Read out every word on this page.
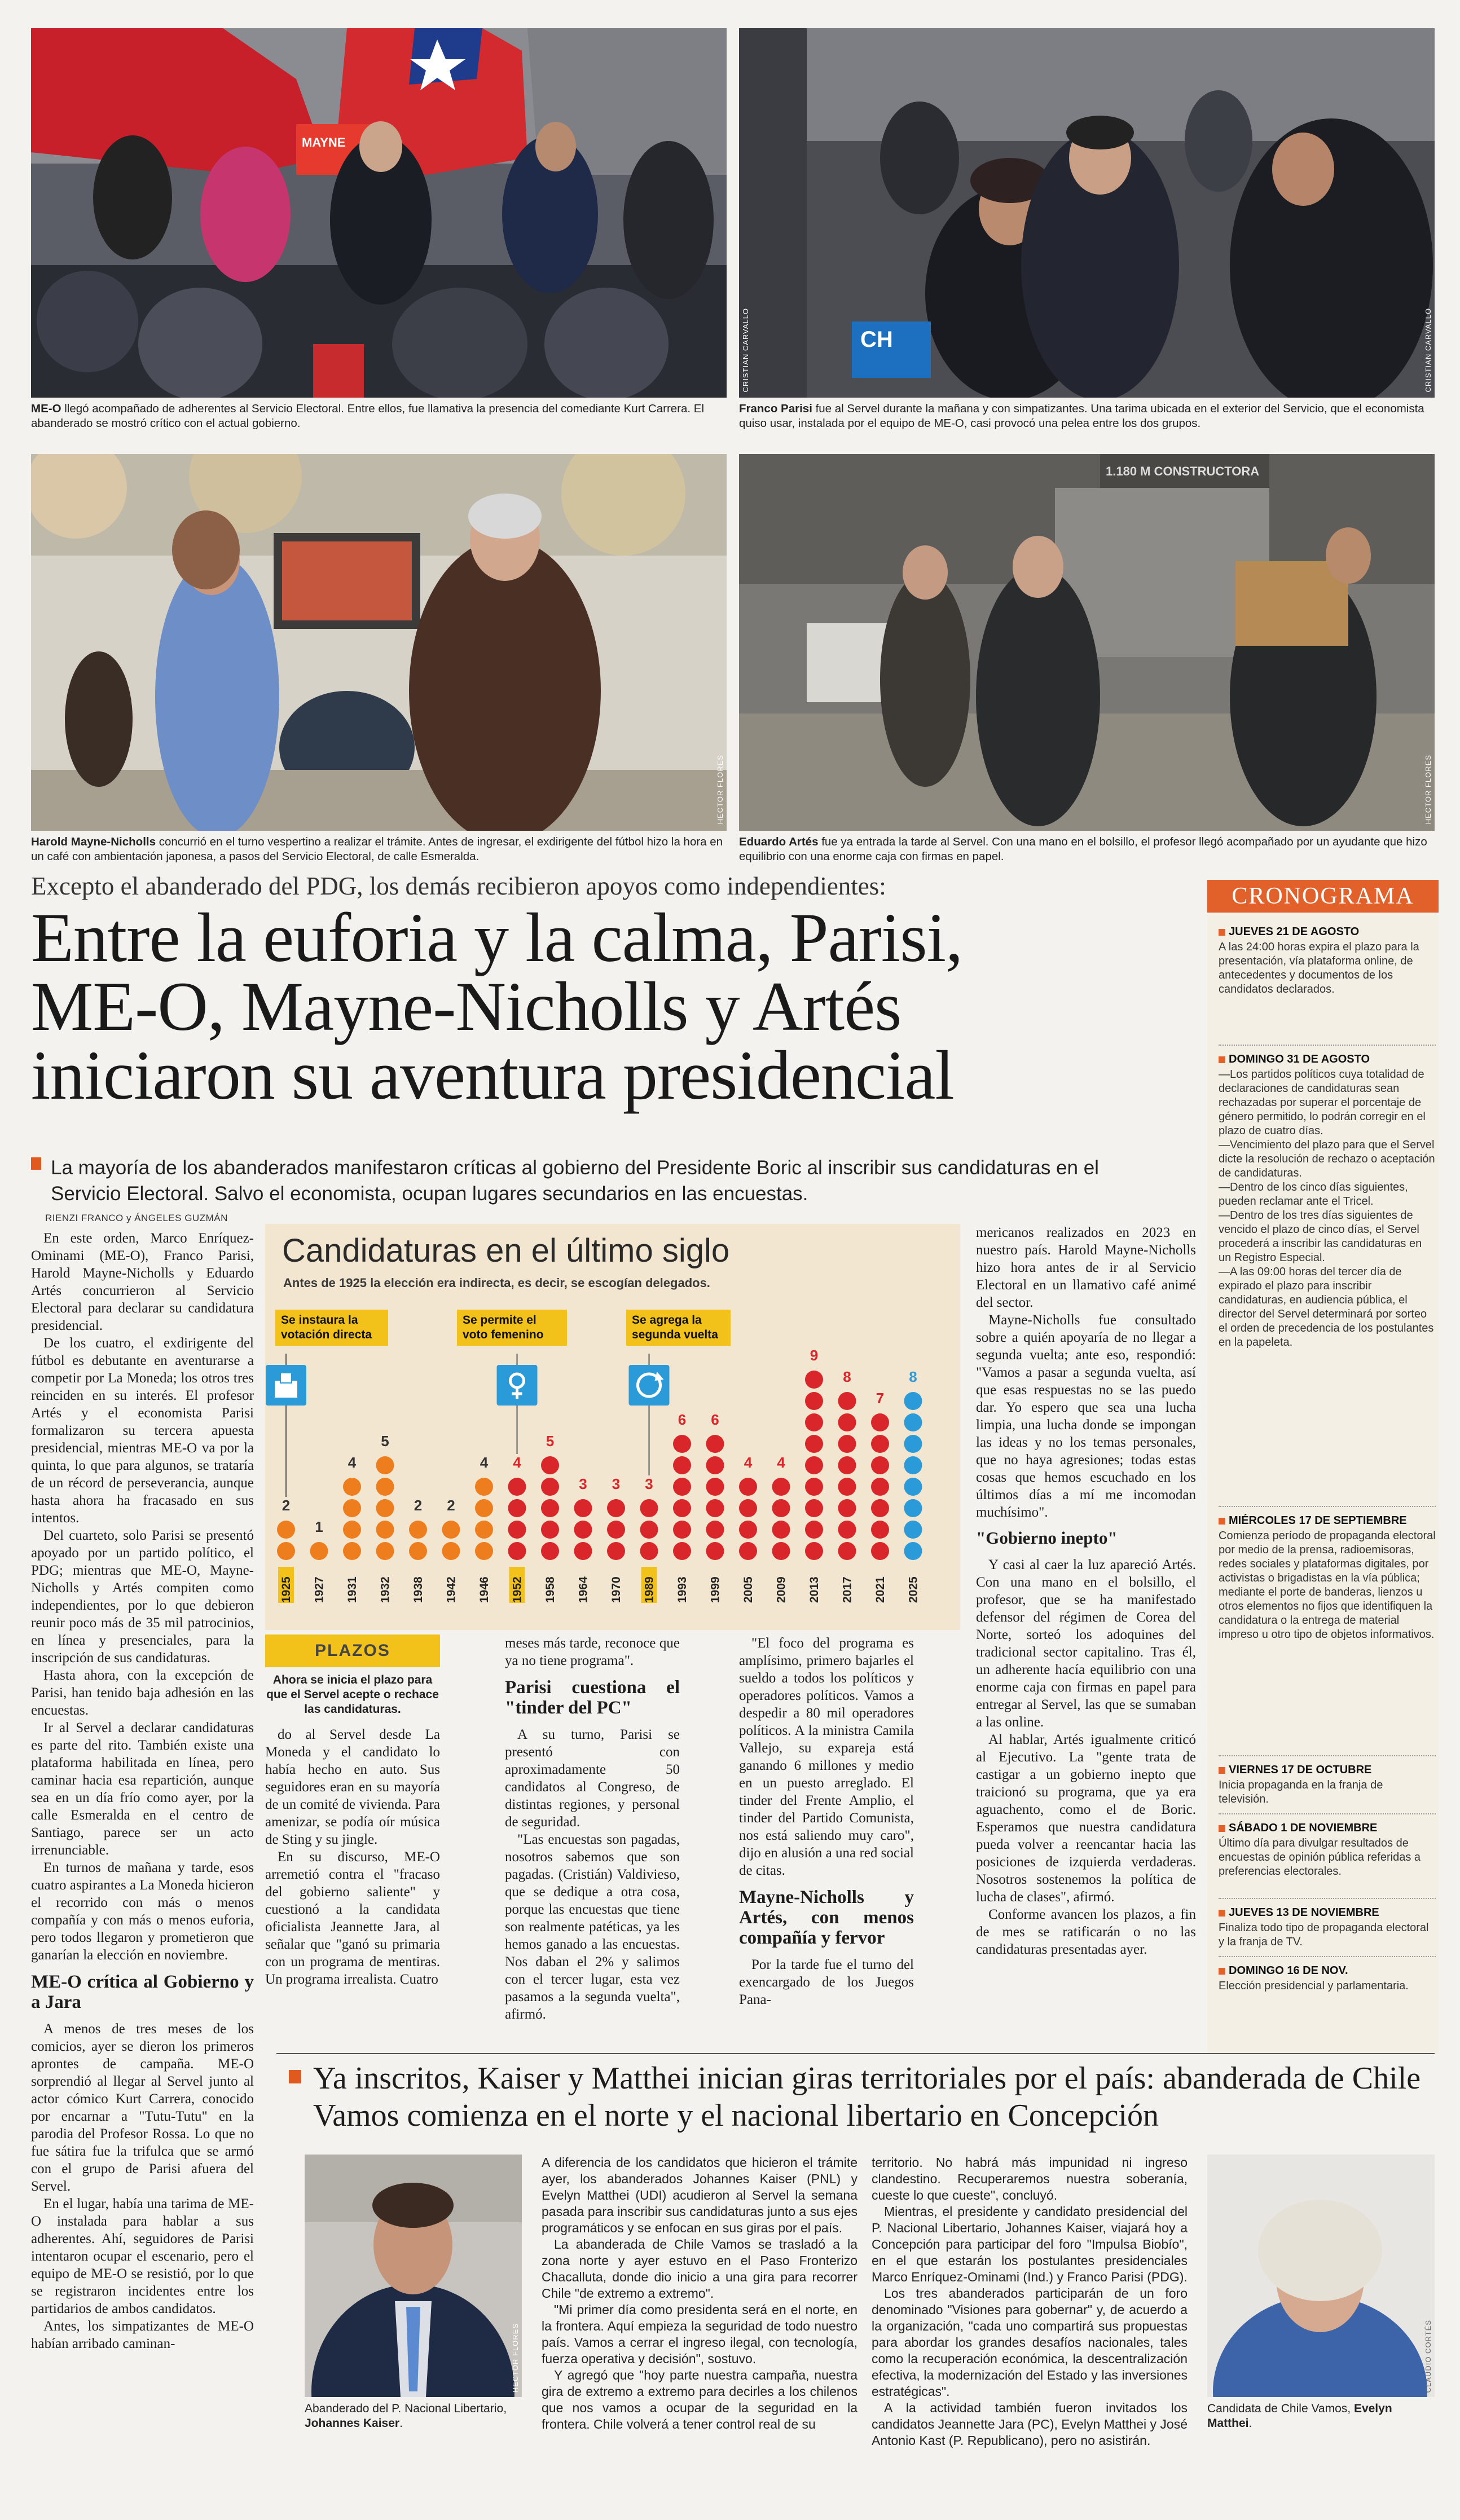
MAYNE
ME-O llegó acompañado de adherentes al Servicio Electoral. Entre ellos, fue llamativa la presencia del comediante Kurt Carrera. El abanderado se mostró crítico con el actual gobierno.
CH
CRISTIAN CARVALLO	CRISTIAN CARVALLO
Franco Parisi fue al Servel durante la mañana y con simpatizantes. Una tarima ubicada en el exterior del Servicio, que el economista quiso usar, instalada por el equipo de ME-O, casi provocó una pelea entre los dos grupos.
HECTOR FLORES
Harold Mayne-Nicholls concurrió en el turno vespertino a realizar el trámite. Antes de ingresar, el exdirigente del fútbol hizo la hora en un café con ambientación japonesa, a pasos del Servicio Electoral, de calle Esmeralda.
1.180 M CONSTRUCTORA
HECTOR FLORES
Eduardo Artés fue ya entrada la tarde al Servel. Con una mano en el bolsillo, el profesor llegó acompañado por un ayudante que hizo equilibrio con una enorme caja con firmas en papel.
Excepto el abanderado del PDG, los demás recibieron apoyos como independientes:
Entre la euforia y la calma, Parisi,
ME-O, Mayne-Nicholls y Artés
iniciaron su aventura presidencial
La mayoría de los abanderados manifestaron críticas al gobierno del Presidente Boric al inscribir sus candidaturas en el Servicio Electoral. Salvo el economista, ocupan lugares secundarios en las encuestas.
RIENZI FRANCO y ÁNGELES GUZMÁN

En este orden, Marco Enríquez-Ominami (ME-O), Franco Parisi, Harold Mayne-Nicholls y Eduardo Artés concurrieron al Servicio Electoral para declarar su candidatura presidencial.

De los cuatro, el exdirigente del fútbol es debutante en aventurarse a competir por La Moneda; los otros tres reinciden en su interés. El profesor Artés y el economista Parisi formalizaron su tercera apuesta presidencial, mientras ME-O va por la quinta, lo que para algunos, se trataría de un récord de perseverancia, aunque hasta ahora ha fracasado en sus intentos.

Del cuarteto, solo Parisi se presentó apoyado por un partido político, el PDG; mientras que ME-O, Mayne-Nicholls y Artés compiten como independientes, por lo que debieron reunir poco más de 35 mil patrocinios, en línea y presenciales, para la inscripción de sus candidaturas.

Hasta ahora, con la excepción de Parisi, han tenido baja adhesión en las encuestas.

Ir al Servel a declarar candidaturas es parte del rito. También existe una plataforma habilitada en línea, pero caminar hacia esa repartición, aunque sea en un día frío como ayer, por la calle Esmeralda en el centro de Santiago, parece ser un acto irrenunciable.

En turnos de mañana y tarde, esos cuatro aspirantes a La Moneda hicieron el recorrido con más o menos compañía y con más o menos euforia, pero todos llegaron y prometieron que ganarían la elección en noviembre.

ME-O crítica al Gobierno y a Jara

A menos de tres meses de los comicios, ayer se dieron los primeros aprontes de campaña. ME-O sorprendió al llegar al Servel junto al actor cómico Kurt Carrera, conocido por encarnar a "Tutu-Tutu" en la parodia del Profesor Rossa. Lo que no fue sátira fue la trifulca que se armó con el grupo de Parisi afuera del Servel.

En el lugar, había una tarima de ME-O instalada para hablar a sus adherentes. Ahí, seguidores de Parisi intentaron ocupar el escenario, pero el equipo de ME-O se resistió, por lo que se registraron incidentes entre los partidarios de ambos candidatos.

Antes, los simpatizantes de ME-O habían arribado caminan-

Candidaturas en el último siglo
Antes de 1925 la elección era indirecta, es decir, se escogían delegados.
Se instaura la votación directa
Se permite el voto femenino
Se agrega la segunda vuelta
2
1925
1
1927
4
1931
5
1932
2
1938
2
1942
4
1946
4
1952
5
1958
3
1964
3
1970
3
1989
6
1993
6
1999
4
2005
4
2009
9
2013
8
2017
7
2021
8
2025
PLAZOS
Ahora se inicia el plazo para que el Servel acepte o rechace las candidaturas.

do al Servel desde La Moneda y el candidato lo había hecho en auto. Sus seguidores eran en su mayoría de un comité de vivienda. Para amenizar, se podía oír música de Sting y su jingle.

En su discurso, ME-O arremetió contra el "fracaso del gobierno saliente" y cuestionó a la candidata oficialista Jeannette Jara, al señalar que "ganó su primaria con un programa de mentiras. Un programa irrealista. Cuatro

meses más tarde, reconoce que ya no tiene programa".

Parisi cuestiona el "tinder del PC"

A su turno, Parisi se presentó con aproximadamente 50 candidatos al Congreso, de distintas regiones, y personal de seguridad.

"Las encuestas son pagadas, nosotros sabemos que son pagadas. (Cristián) Valdivieso, que se dedique a otra cosa, porque las encuestas que tiene son realmente patéticas, ya les hemos ganado a las encuestas. Nos daban el 2% y salimos con el tercer lugar, esta vez pasamos a la segunda vuelta", afirmó.

"El foco del programa es amplísimo, primero bajarles el sueldo a todos los políticos y operadores políticos. Vamos a despedir a 80 mil operadores políticos. A la ministra Camila Vallejo, su expareja está ganando 6 millones y medio en un puesto arreglado. El tinder del Frente Amplio, el tinder del Partido Comunista, nos está saliendo muy caro", dijo en alusión a una red social de citas.

Mayne-Nicholls y Artés, con menos compañía y fervor

Por la tarde fue el turno del exencargado de los Juegos Pana-

mericanos realizados en 2023 en nuestro país. Harold Mayne-Nicholls hizo hora antes de ir al Servicio Electoral en un llamativo café animé del sector.

Mayne-Nicholls fue consultado sobre a quién apoyaría de no llegar a segunda vuelta; ante eso, respondió: "Vamos a pasar a segunda vuelta, así que esas respuestas no se las puedo dar. Yo espero que sea una lucha limpia, una lucha donde se impongan las ideas y no los temas personales, que no haya agresiones; todas estas cosas que hemos escuchado en los últimos días a mí me incomodan muchísimo".

"Gobierno inepto"

Y casi al caer la luz apareció Artés. Con una mano en el bolsillo, el profesor, que se ha manifestado defensor del régimen de Corea del Norte, sorteó los adoquines del tradicional sector capitalino. Tras él, un adherente hacía equilibrio con una enorme caja con firmas en papel para entregar al Servel, las que se sumaban a las online.

Al hablar, Artés igualmente criticó al Ejecutivo. La "gente trata de castigar a un gobierno inepto que traicionó su programa, que ya era aguachento, como el de Boric. Esperamos que nuestra candidatura pueda volver a reencantar hacia las posiciones de izquierda verdaderas. Nosotros sostenemos la política de lucha de clases", afirmó.

Conforme avancen los plazos, a fin de mes se ratificarán o no las candidaturas presentadas ayer.

CRONOGRAMA
JUEVES 21 DE AGOSTO
A las 24:00 horas expira el plazo para la presentación, vía plataforma online, de antecedentes y documentos de los candidatos declarados.
DOMINGO 31 DE AGOSTO
—Los partidos políticos cuya totalidad de declaraciones de candidaturas sean rechazadas por superar el porcentaje de género permitido, lo podrán corregir en el plazo de cuatro días.
—Vencimiento del plazo para que el Servel dicte la resolución de rechazo o aceptación de candidaturas.
—Dentro de los cinco días siguientes, pueden reclamar ante el Tricel.
—Dentro de los tres días siguientes de vencido el plazo de cinco días, el Servel procederá a inscribir las candidaturas en un Registro Especial.
—A las 09:00 horas del tercer día de expirado el plazo para inscribir candidaturas, en audiencia pública, el director del Servel determinará por sorteo el orden de precedencia de los postulantes en la papeleta.
MIÉRCOLES 17 DE SEPTIEMBRE
Comienza período de propaganda electoral por medio de la prensa, radioemisoras, redes sociales y plataformas digitales, por activistas o brigadistas en la vía pública; mediante el porte de banderas, lienzos u otros elementos no fijos que identifiquen la candidatura o la entrega de material impreso u otro tipo de objetos informativos.
VIERNES 17 DE OCTUBRE
Inicia propaganda en la franja de televisión.
SÁBADO 1 DE NOVIEMBRE
Último día para divulgar resultados de encuestas de opinión pública referidas a preferencias electorales.
JUEVES 13 DE NOVIEMBRE
Finaliza todo tipo de propaganda electoral y la franja de TV.
DOMINGO 16 DE NOV.
Elección presidencial y parlamentaria.
Ya inscritos, Kaiser y Matthei inician giras territoriales por el país: abanderada de Chile Vamos comienza en el norte y el nacional libertario en Concepción
HECTOR FLORES
Abanderado del P. Nacional Libertario, Johannes Kaiser.

A diferencia de los candidatos que hicieron el trámite ayer, los abanderados Johannes Kaiser (PNL) y Evelyn Matthei (UDI) acudieron al Servel la semana pasada para inscribir sus candidaturas junto a sus ejes programáticos y se enfocan en sus giras por el país.

La abanderada de Chile Vamos se trasladó a la zona norte y ayer estuvo en el Paso Fronterizo Chacalluta, donde dio inicio a una gira para recorrer Chile "de extremo a extremo".

"Mi primer día como presidenta será en el norte, en la frontera. Aquí empieza la seguridad de todo nuestro país. Vamos a cerrar el ingreso ilegal, con tecnología, fuerza operativa y decisión", sostuvo.

Y agregó que "hoy parte nuestra campaña, nuestra gira de extremo a extremo para decirles a los chilenos que nos vamos a ocupar de la seguridad en la frontera. Chile volverá a tener control real de su

territorio. No habrá más impunidad ni ingreso clandestino. Recuperaremos nuestra soberanía, cueste lo que cueste", concluyó.

Mientras, el presidente y candidato presidencial del P. Nacional Libertario, Johannes Kaiser, viajará hoy a Concepción para participar del foro "Impulsa Biobío", en el que estarán los postulantes presidenciales Marco Enríquez-Ominami (Ind.) y Franco Parisi (PDG).

Los tres abanderados participarán de un foro denominado "Visiones para gobernar" y, de acuerdo a la organización, "cada uno compartirá sus propuestas para abordar los grandes desafíos nacionales, tales como la recuperación económica, la descentralización efectiva, la modernización del Estado y las inversiones estratégicas".

A la actividad también fueron invitados los candidatos Jeannette Jara (PC), Evelyn Matthei y José Antonio Kast (P. Republicano), pero no asistirán.

CLAUDIO CORTÉS
Candidata de Chile Vamos, Evelyn Matthei.
